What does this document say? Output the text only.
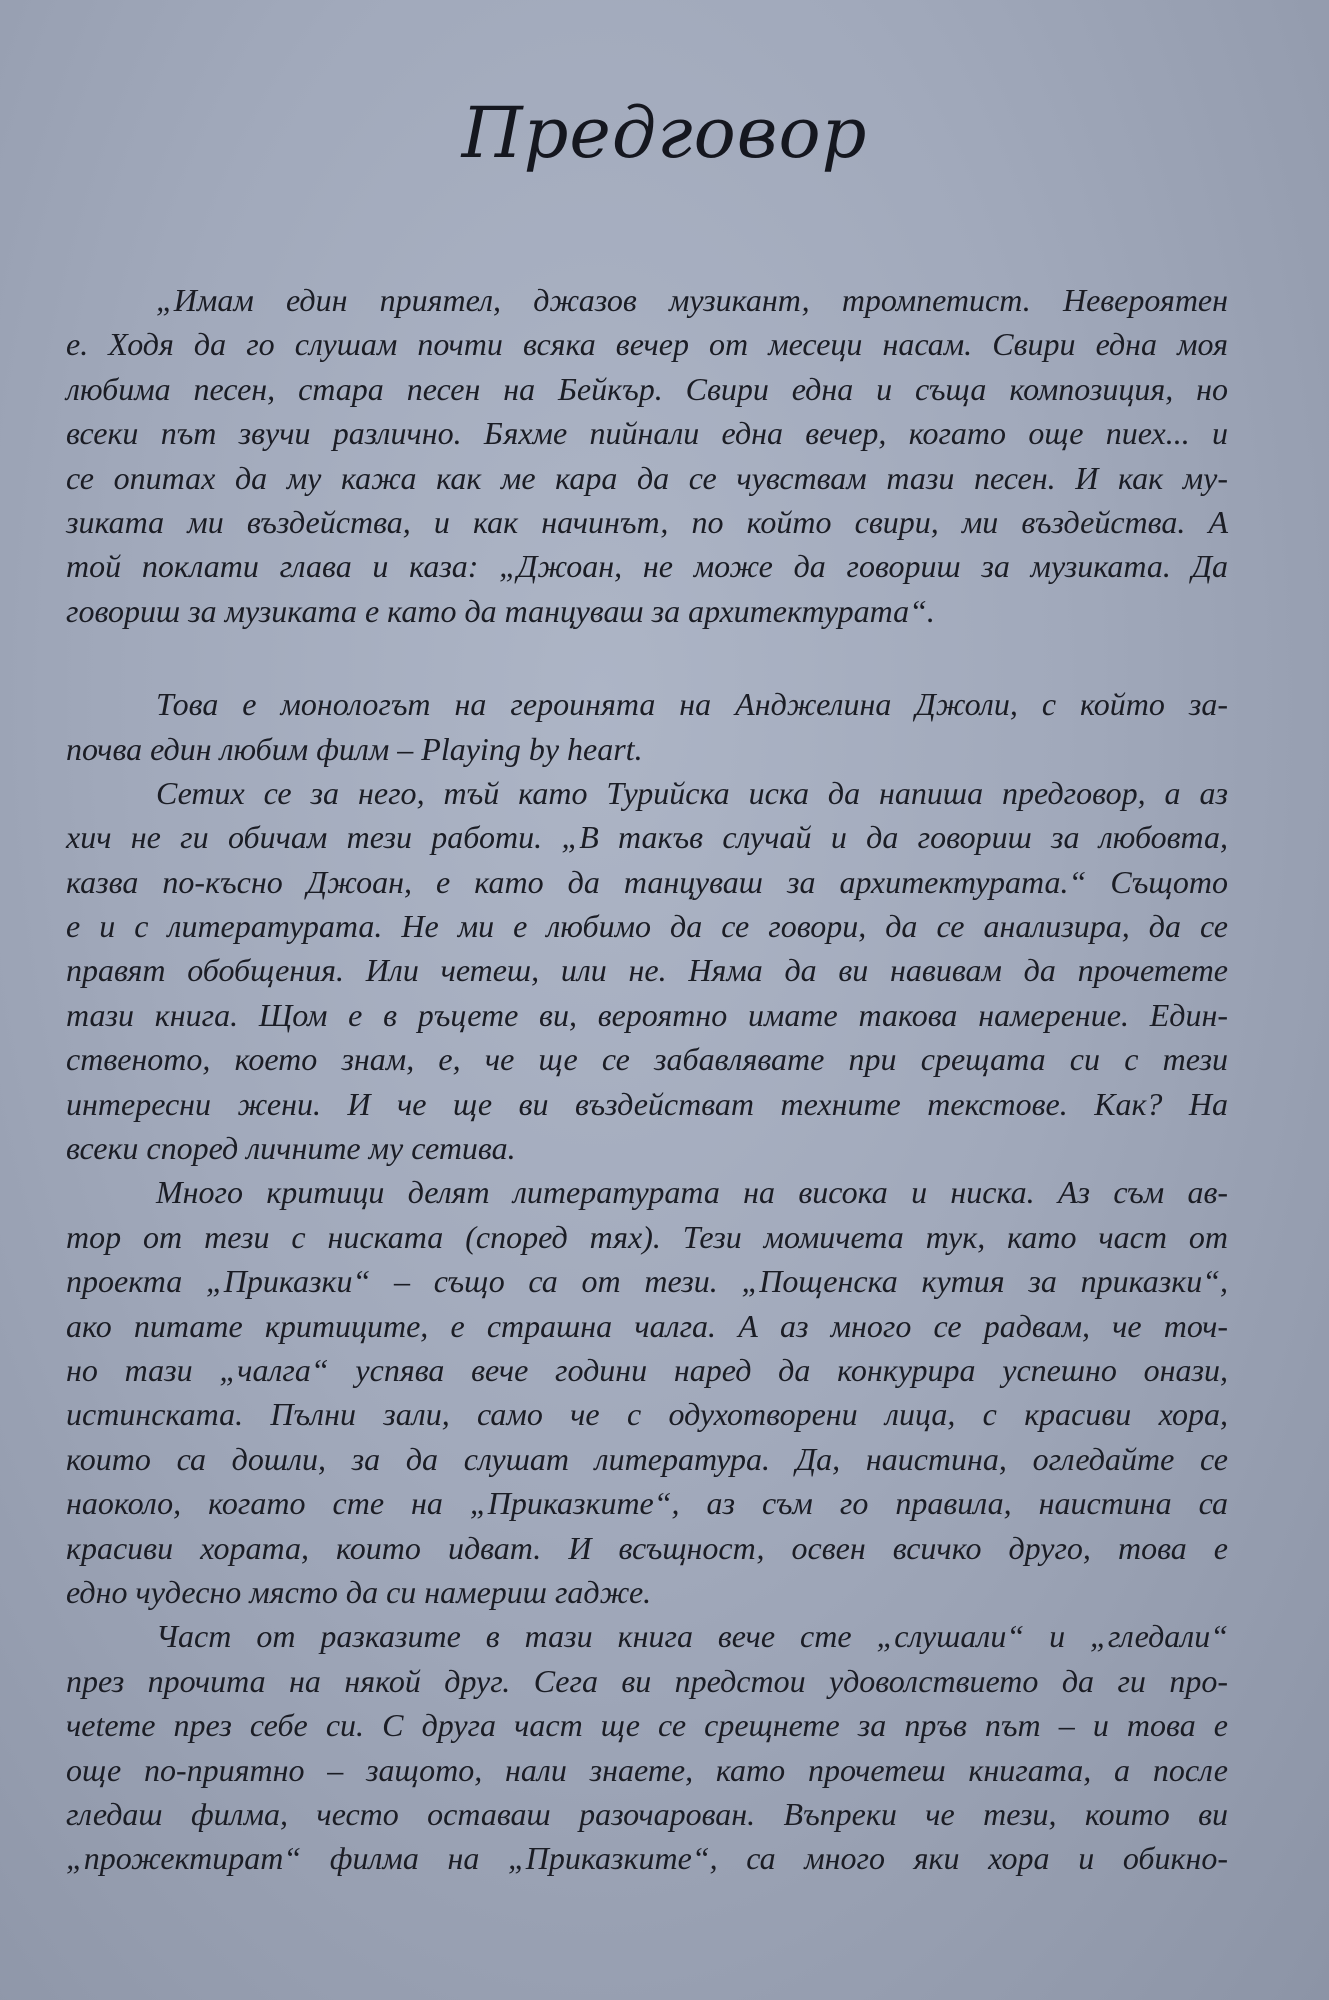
Предговор
„Имам един приятел, джазов музикант, тромпетист. Невероятен
е. Ходя да го слушам почти всяка вечер от месеци насам. Свири една моя
любима песен, стара песен на Бейкър. Свири една и съща композиция, но
всеки път звучи различно. Бяхме пийнали една вечер, когато още пиех... и
се опитах да му кажа как ме кара да се чувствам тази песен. И как му-
зиката ми въздейства, и как начинът, по който свири, ми въздейства. А
той поклати глава и каза: „Джоан, не може да говориш за музиката. Да
говориш за музиката е като да танцуваш за архитектурата“.
Това е монологът на героинята на Анджелина Джоли, с който за-
почва един любим филм – Playing by heart.
Сетих се за него, тъй като Турийска иска да напиша предговор, а аз
хич не ги обичам тези работи. „В такъв случай и да говориш за любовта,
казва по-късно Джоан, е като да танцуваш за архитектурата.“ Същото
е и с литературата. Не ми е любимо да се говори, да се анализира, да се
правят обобщения. Или четеш, или не. Няма да ви навивам да прочетете
тази книга. Щом е в ръцете ви, вероятно имате такова намерение. Един-
ственото, което знам, е, че ще се забавлявате при срещата си с тези
интересни жени. И че ще ви въздействат техните текстове. Как? На
всеки според личните му сетива.
Много критици делят литературата на висока и ниска. Аз съм ав-
тор от тези с ниската (според тях). Тези момичета тук, като част от
проекта „Приказки“ – също са от тези. „Пощенска кутия за приказки“,
ако питате критиците, е страшна чалга. А аз много се радвам, че точ-
но тази „чалга“ успява вече години наред да конкурира успешно онази,
истинската. Пълни зали, само че с одухотворени лица, с красиви хора,
които са дошли, за да слушат литература. Да, наистина, огледайте се
наоколо, когато сте на „Приказките“, аз съм го правила, наистина са
красиви хората, които идват. И всъщност, освен всичко друго, това е
едно чудесно място да си намериш гадже.
Част от разказите в тази книга вече сте „слушали“ и „гледали“
през прочита на някой друг. Сега ви предстои удоволствието да ги про-
чetете през себе си. С друга част ще се срещнете за пръв път – и това е
още по-приятно – защото, нали знаете, като прочетеш книгата, а после
гледаш филма, често оставаш разочарован. Въпреки че тези, които ви
„прожектират“ филма на „Приказките“, са много яки хора и обикно-
